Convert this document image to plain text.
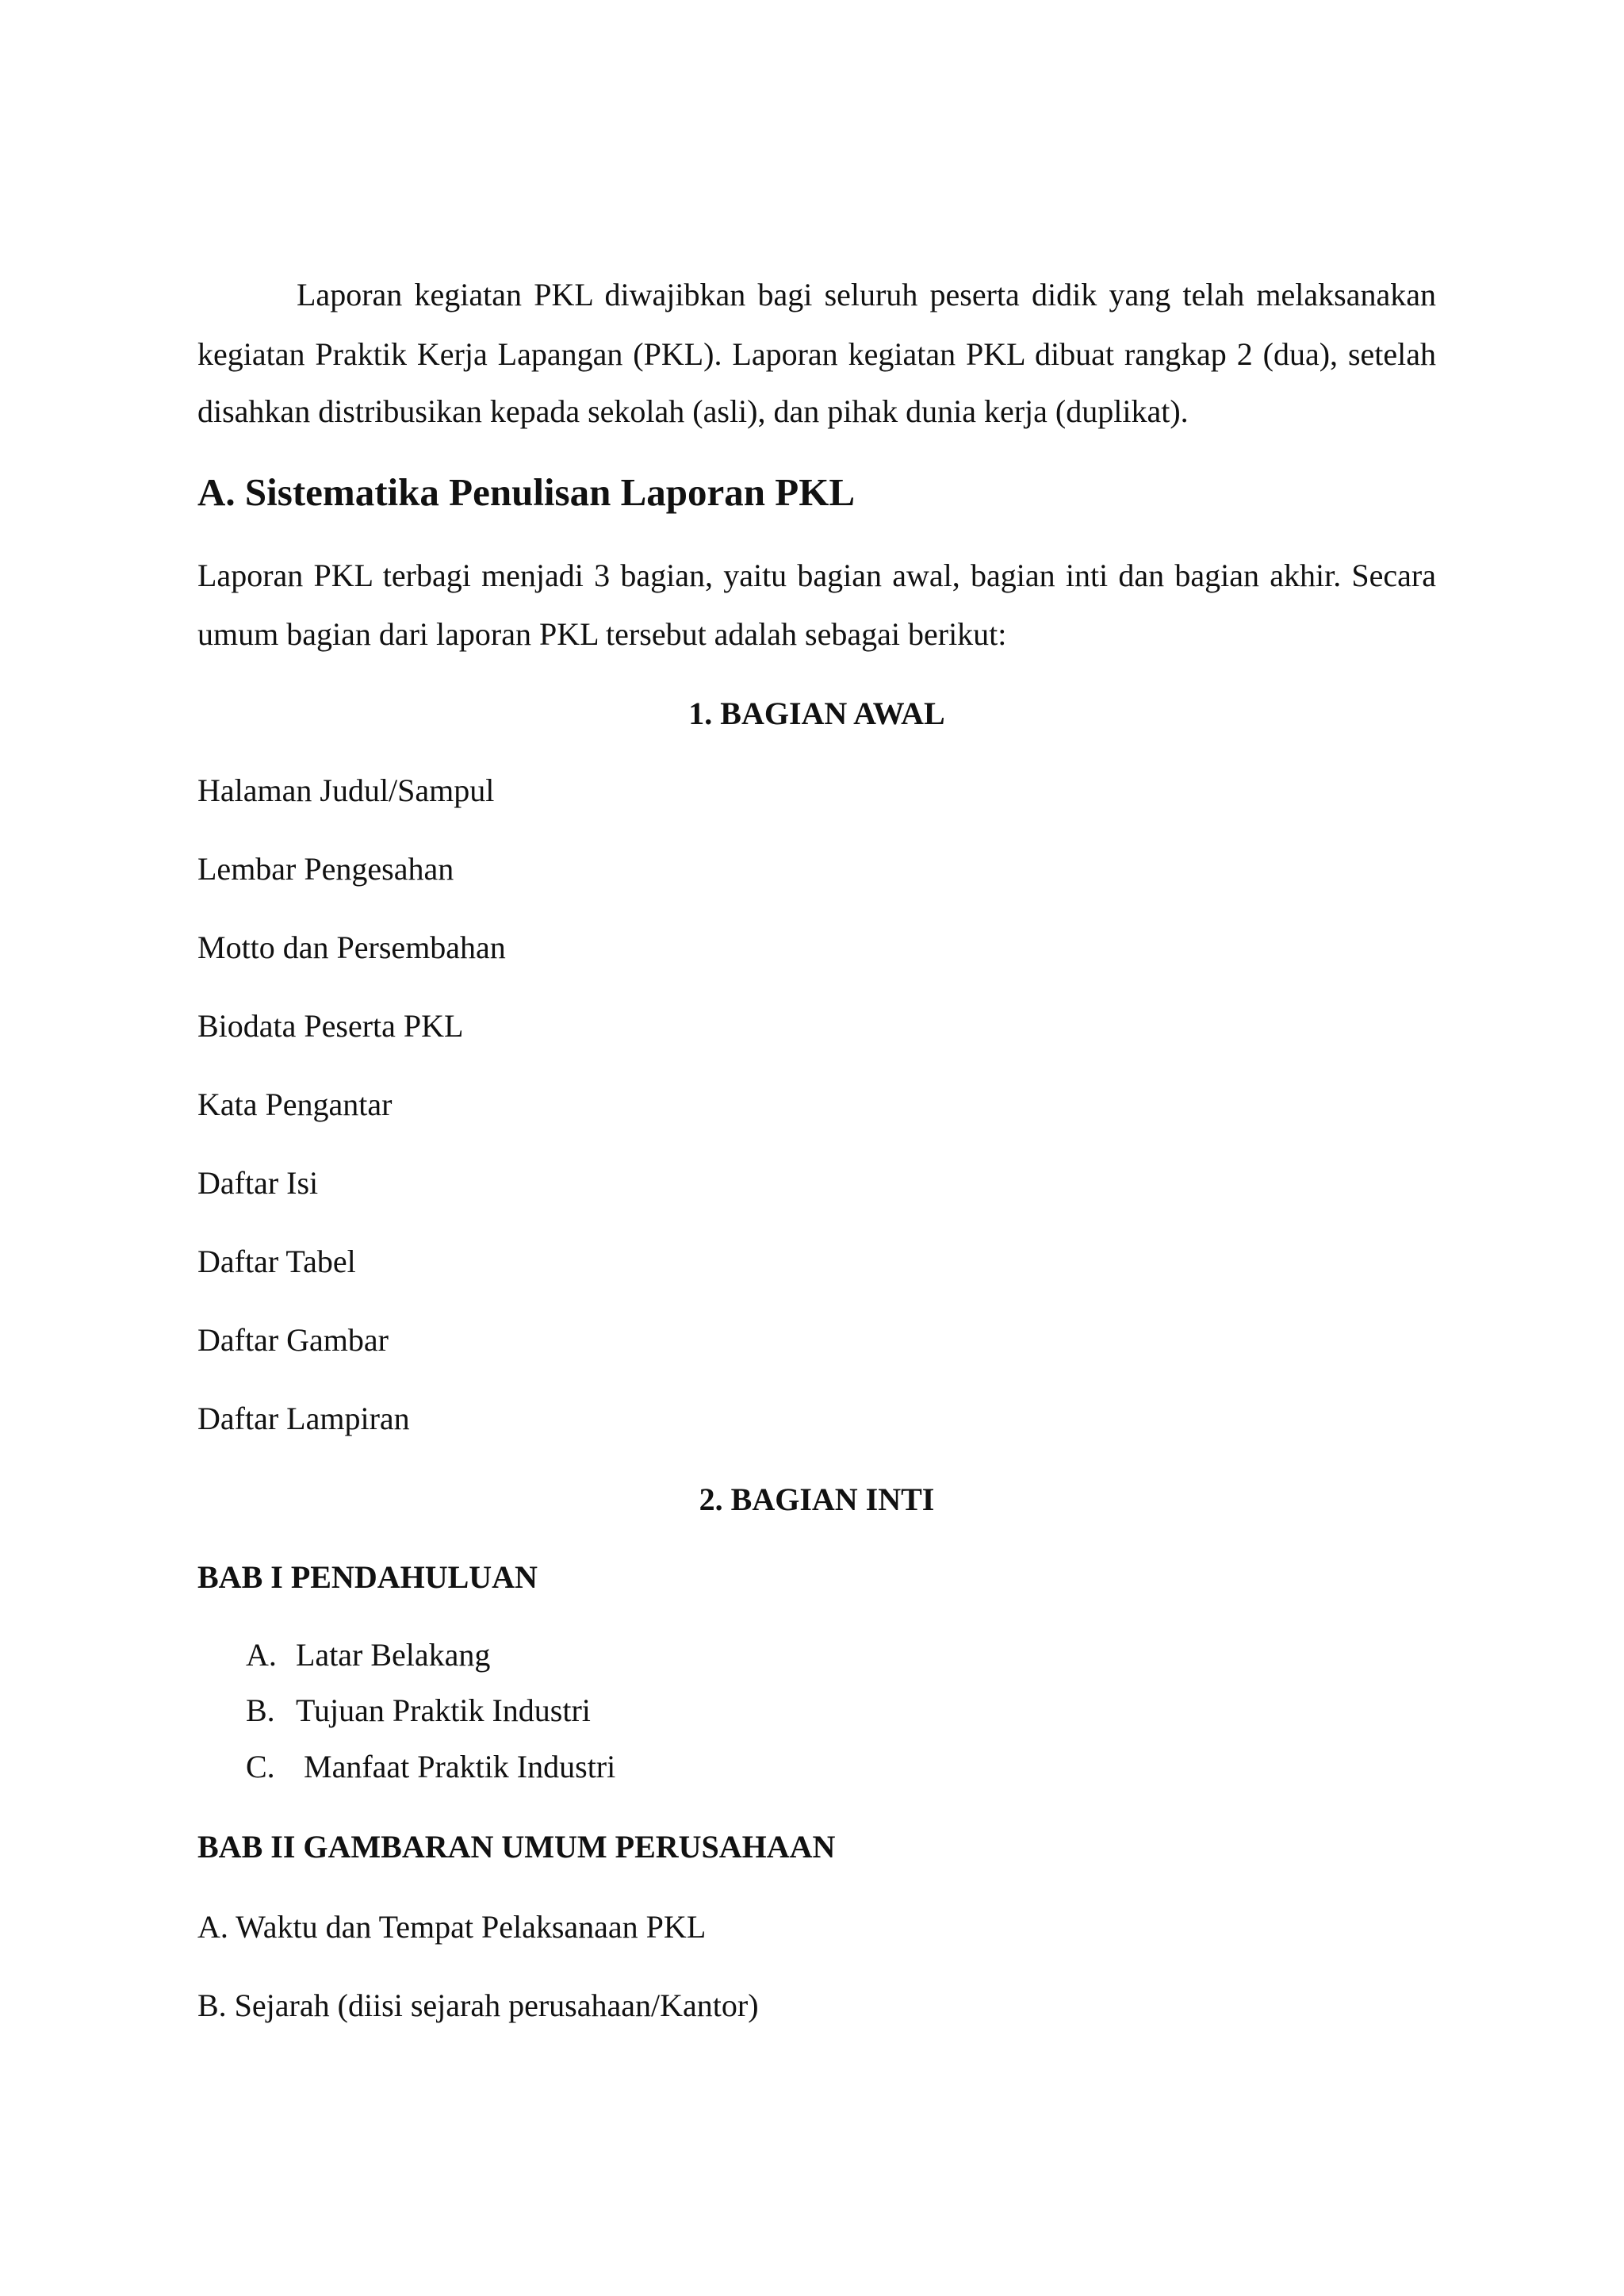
Laporan kegiatan PKL diwajibkan bagi seluruh peserta didik yang telah melaksanakan
kegiatan Praktik Kerja Lapangan (PKL). Laporan kegiatan PKL dibuat rangkap 2 (dua), setelah
disahkan distribusikan kepada sekolah (asli), dan pihak dunia kerja (duplikat).
A. Sistematika Penulisan Laporan PKL
Laporan PKL terbagi menjadi 3 bagian, yaitu bagian awal, bagian inti dan bagian akhir. Secara
umum bagian dari laporan PKL tersebut adalah sebagai berikut:
1. BAGIAN AWAL
Halaman Judul/Sampul
Lembar Pengesahan
Motto dan Persembahan
Biodata Peserta PKL
Kata Pengantar
Daftar Isi
Daftar Tabel
Daftar Gambar
Daftar Lampiran
2. BAGIAN INTI
BAB I PENDAHULUAN
A. Latar Belakang
B. Tujuan Praktik Industri
C. Manfaat Praktik Industri
BAB II GAMBARAN UMUM PERUSAHAAN
A. Waktu dan Tempat Pelaksanaan PKL
B. Sejarah (diisi sejarah perusahaan/Kantor)
